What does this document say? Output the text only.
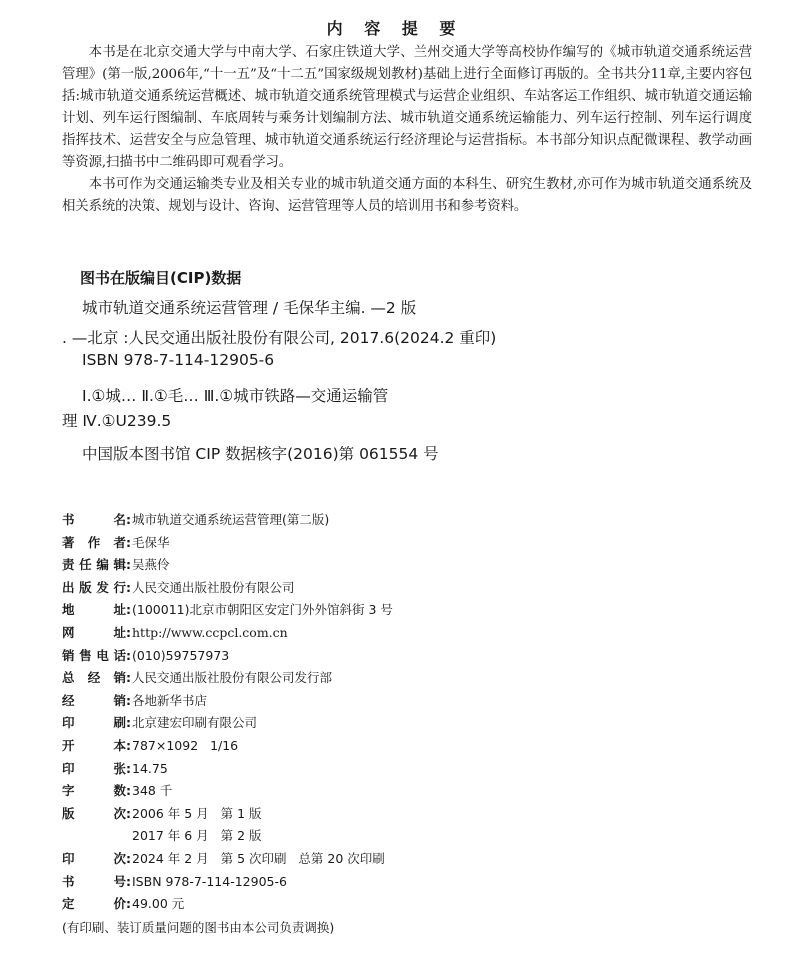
内 容 提 要

本书是在北京交通大学与中南大学、石家庄铁道大学、兰州交通大学等高校协作编写的《城市轨道交通系统运营管理》(第一版,2006年,“十一五”及“十二五”国家级规划教材)基础上进行全面修订再版的。全书共分11章,主要内容包括:城市轨道交通系统运营概述、城市轨道交通系统管理模式与运营企业组织、车站客运工作组织、城市轨道交通运输计划、列车运行图编制、车底周转与乘务计划编制方法、城市轨道交通系统运输能力、列车运行控制、列车运行调度指挥技术、运营安全与应急管理、城市轨道交通系统运行经济理论与运营指标。本书部分知识点配微课程、教学动画等资源,扫描书中二维码即可观看学习。

本书可作为交通运输类专业及相关专业的城市轨道交通方面的本科生、研究生教材,亦可作为城市轨道交通系统及相关系统的决策、规划与设计、咨询、运营管理等人员的培训用书和参考资料。

图书在版编目(CIP)数据
城市轨道交通系统运营管理 / 毛保华主编. —2 版
. —北京 :人民交通出版社股份有限公司, 2017.6(2024.2 重印)
ISBN 978-7-114-12905-6
Ⅰ.①城… Ⅱ.①毛… Ⅲ.①城市铁路—交通运输管
理 Ⅳ.①U239.5
中国版本图书馆 CIP 数据核字(2016)第 061554 号
书名 : 城市轨道交通系统运营管理(第二版)
著作者 : 毛保华
责任编辑 : 吴燕伶
出版发行 : 人民交通出版社股份有限公司
地址 : (100011)北京市朝阳区安定门外外馆斜街 3 号
网址 : http://www.ccpcl.com.cn
销售电话 : (010)59757973
总经销 : 人民交通出版社股份有限公司发行部
经销 : 各地新华书店
印刷 : 北京建宏印刷有限公司
开本 : 787×1092   1/16
印张 : 14.75
字数 : 348 千
版次 : 2006 年 5 月   第 1 版
2017 年 6 月   第 2 版
印次 : 2024 年 2 月   第 5 次印刷   总第 20 次印刷
书号 : ISBN 978-7-114-12905-6
定价 : 49.00 元
(有印刷、装订质量问题的图书由本公司负责调换)
